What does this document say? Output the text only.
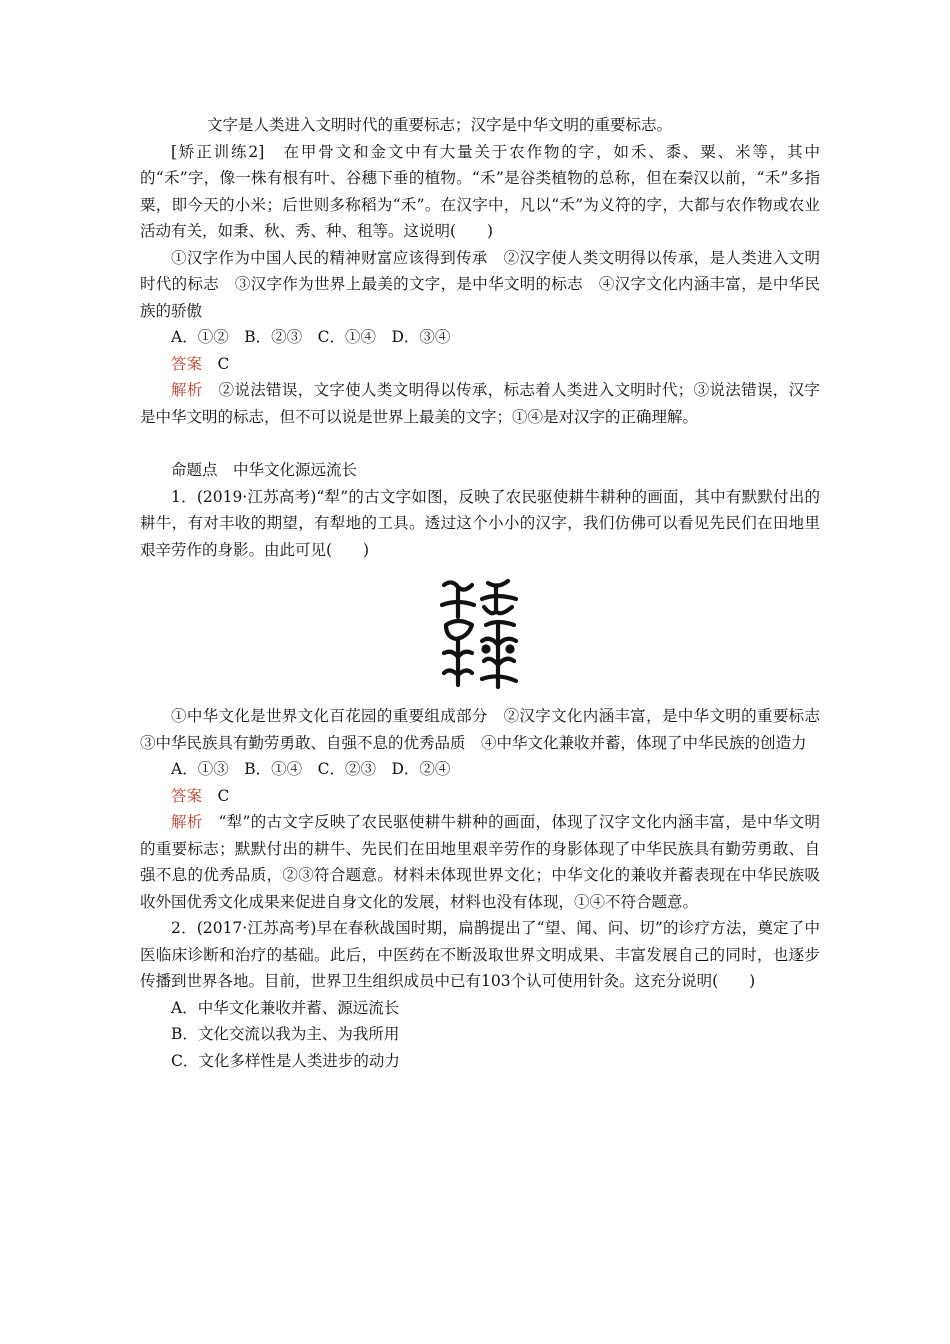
文字是人类进入文明时代的重要标志；汉字是中华文明的重要标志。

[矫正训练2]　在甲骨文和金文中有大量关于农作物的字，如禾、黍、粟、米等，其中的“禾”字，像一株有根有叶、谷穗下垂的植物。“禾”是谷类植物的总称，但在秦汉以前，“禾”多指粟，即今天的小米；后世则多称稻为“禾”。在汉字中，凡以“禾”为义符的字，大都与农作物或农业活动有关，如秉、秋、秀、种、租等。这说明(　　)

①汉字作为中国人民的精神财富应该得到传承　②汉字使人类文明得以传承，是人类进入文明时代的标志　③汉字作为世界上最美的文字，是中华文明的标志　④汉字文化内涵丰富，是中华民族的骄傲

A．①②　B．②③　C．①④　D．③④

答案　C

解析　②说法错误，文字使人类文明得以传承，标志着人类进入文明时代；③说法错误，汉字是中华文明的标志，但不可以说是世界上最美的文字；①④是对汉字的正确理解。

命题点　中华文化源远流长

1．(2019·江苏高考)“犁”的古文字如图，反映了农民驱使耕牛耕种的画面，其中有默默付出的耕牛，有对丰收的期望，有犁地的工具。透过这个小小的汉字，我们仿佛可以看见先民们在田地里艰辛劳作的身影。由此可见(　　)

①中华文化是世界文化百花园的重要组成部分　②汉字文化内涵丰富，是中华文明的重要标志　③中华民族具有勤劳勇敢、自强不息的优秀品质　④中华文化兼收并蓄，体现了中华民族的创造力

A．①③　B．①④　C．②③　D．②④

答案　C

解析　“犁”的古文字反映了农民驱使耕牛耕种的画面，体现了汉字文化内涵丰富，是中华文明的重要标志；默默付出的耕牛、先民们在田地里艰辛劳作的身影体现了中华民族具有勤劳勇敢、自强不息的优秀品质，②③符合题意。材料未体现世界文化；中华文化的兼收并蓄表现在中华民族吸收外国优秀文化成果来促进自身文化的发展，材料也没有体现，①④不符合题意。

2．(2017·江苏高考)早在春秋战国时期，扁鹊提出了“望、闻、问、切”的诊疗方法，奠定了中医临床诊断和治疗的基础。此后，中医药在不断汲取世界文明成果、丰富发展自己的同时，也逐步传播到世界各地。目前，世界卫生组织成员中已有103个认可使用针灸。这充分说明(　　)

A．中华文化兼收并蓄、源远流长

B．文化交流以我为主、为我所用

C．文化多样性是人类进步的动力
